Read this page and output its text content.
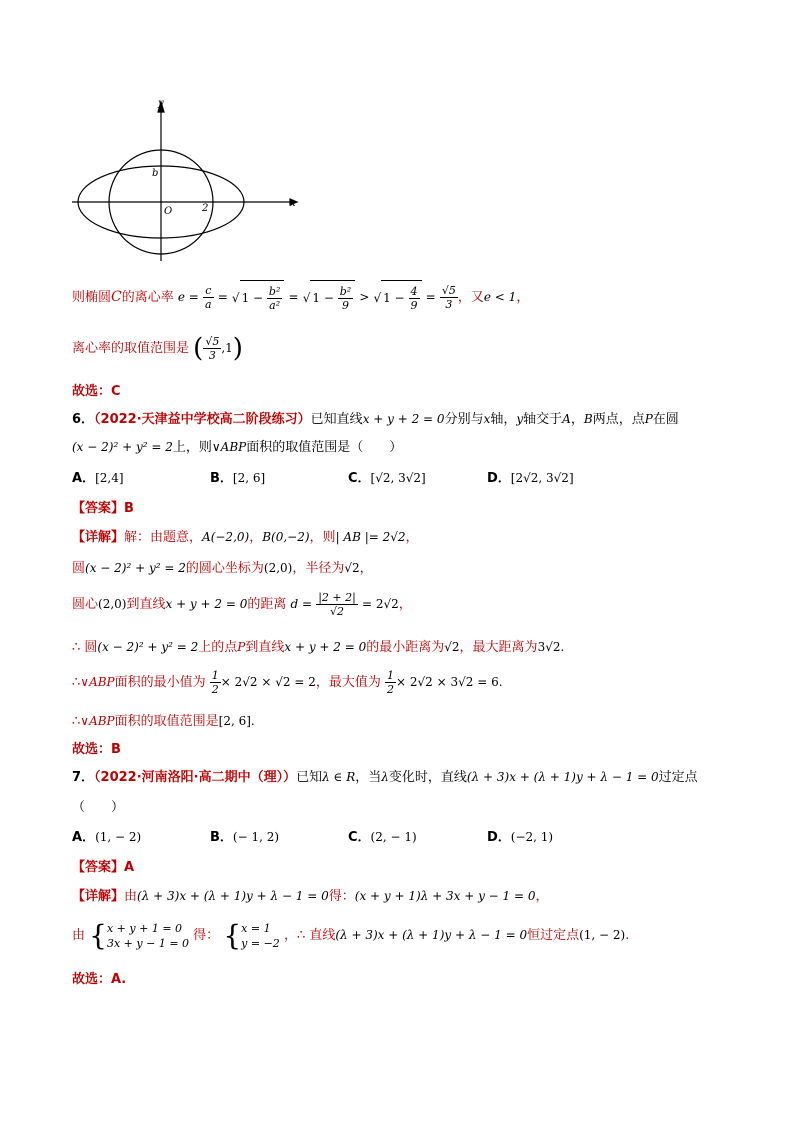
y
x
O
b
2
则椭圆C的离心率 $e = \frac{c}{a}$ = √ $1 - \frac{\text{b²}}{\text{a²}}$ = √ $1 - \frac{\text{b²}}{9}$ > √ $1 - \frac{4}{9} = \frac{√5}{3}$ ，又e < 1，
离心率的取值范围是 ( $\frac{√5}{3} ,1$)
故选：C
6．（2022·天津益中学校高二阶段练习）已知直线x + y + 2 = 0分别与x轴，y轴交于A，B两点，点P在圆
(x − 2)² + y² = 2上，则∨ABP面积的取值范围是（　　）
A．[2,4]	B．[2, 6]	C．[√2, 3√2]	D．[2√2, 3√2]
【答案】B
【详解】解：由题意，A(−2,0)，B(0,−2)，则| AB |= 2√2，
圆(x − 2)² + y² = 2的圆心坐标为(2,0)，半径为√2，
圆心(2,0)到直线x + y + 2 = 0的距离 $d = \frac{|2 + 2|}{√2} = 2√2$，
∴ 圆(x − 2)² + y² = 2上的点P到直线x + y + 2 = 0的最小距离为√2，最大距离为3√2.
∴∨ABP面积的最小值为 $\frac{1}{2} \times 2√2 \times √2 = 2$，最大值为 $\frac{1}{2} \times 2√2 \times 3√2 = 6$.
∴∨ABP面积的取值范围是[2, 6].
故选：B
7．（2022·河南洛阳·高二期中（理））已知λ ∈ R，当λ变化时，直线(λ + 3)x + (λ + 1)y + λ − 1 = 0过定点
（　　）
A．(1, − 2)	B．(− 1, 2)	C．(2, − 1)	D．(−2, 1)
【答案】A
【详解】由(λ + 3)x + (λ + 1)y + λ − 1 = 0得：(x + y + 1)λ + 3x + y − 1 = 0，
由 { x + y + 1 = 0
3x + y − 1 = 0 得： { x = 1
y = −2 ，∴ 直线(λ + 3)x + (λ + 1)y + λ − 1 = 0恒过定点(1, − 2).
故选：A.
